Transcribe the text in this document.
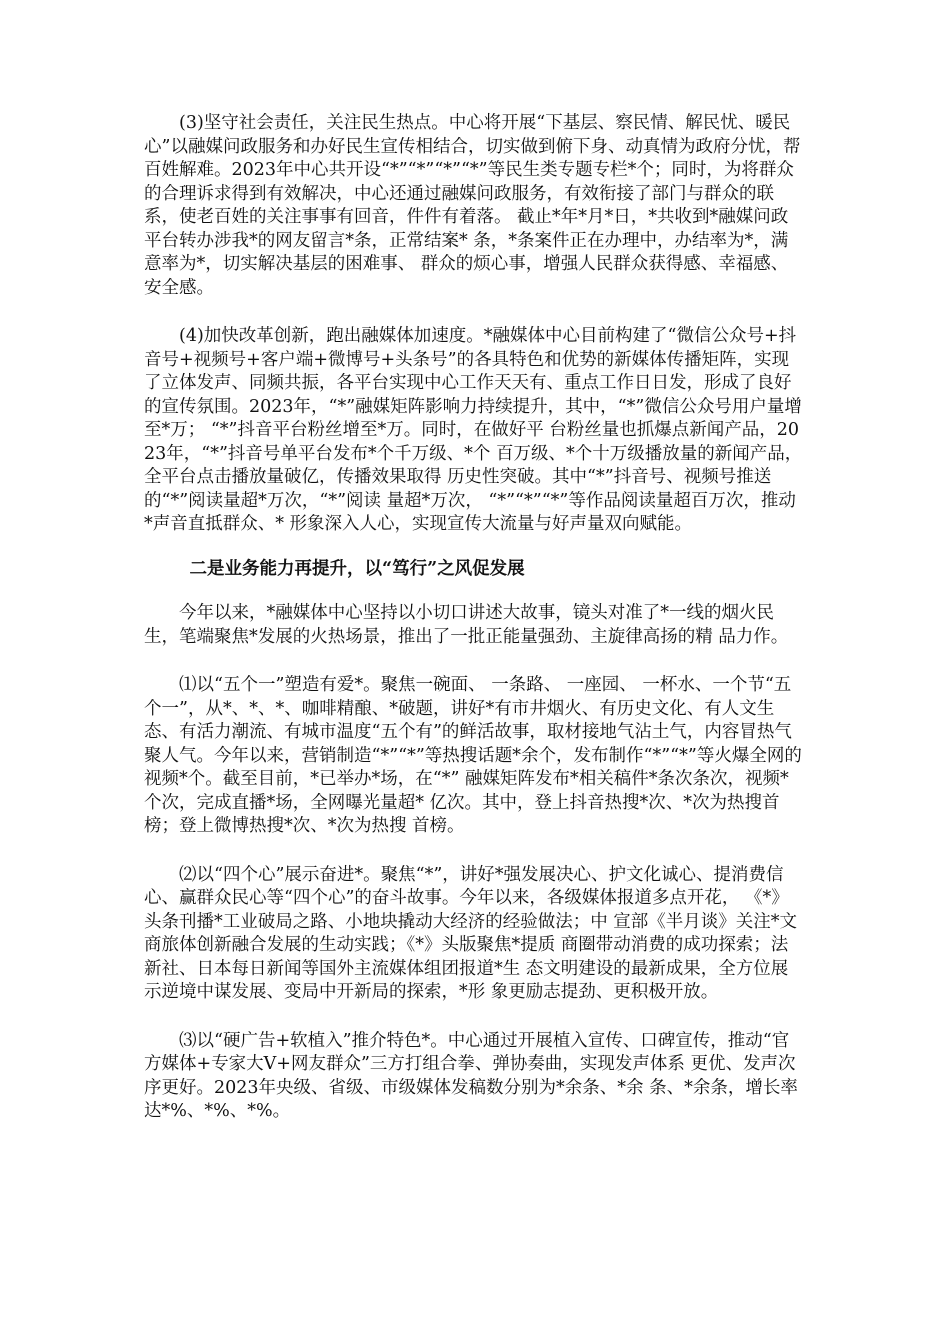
(3)坚守社会责任，关注民生热点。中心将开展“下基层、察民情、解民忧、暖民心”以融媒问政服务和办好民生宣传相结合，切实做到俯下身、动真情为政府分忧，帮百姓解难。2023年中心共开设“*”“*”“*”“*”等民生类专题专栏*个；同时，为将群众的合理诉求得到有效解决，中心还通过融媒问政服务，有效衔接了部门与群众的联系，使老百姓的关注事事有回音，件件有着落。 截止*年*月*日，*共收到*融媒问政平台转办涉我*的网友留言*条，正常结案* 条，*条案件正在办理中，办结率为*，满意率为*，切实解决基层的困难事、 群众的烦心事，增强人民群众获得感、幸福感、安全感。

(4)加快改革创新，跑出融媒体加速度。*融媒体中心目前构建了“微信公众号+抖音号+视频号+客户端+微博号+头条号”的各具特色和优势的新媒体传播矩阵，实现了立体发声、同频共振，各平台实现中心工作天天有、重点工作日日发，形成了良好的宣传氛围。2023年，“*”融媒矩阵影响力持续提升，其中，“*”微信公众号用户量增至*万； “*”抖音平台粉丝增至*万。同时，在做好平 台粉丝量也抓爆点新闻产品，2023年，“*”抖音号单平台发布*个千万级、*个 百万级、*个十万级播放量的新闻产品，全平台点击播放量破亿，传播效果取得 历史性突破。其中“*”抖音号、视频号推送的“*”阅读量超*万次，“*”阅读 量超*万次， “*”“*”“*”等作品阅读量超百万次，推动*声音直抵群众、* 形象深入人心，实现宣传大流量与好声量双向赋能。

二是业务能力再提升，以“笃行”之风促发展

今年以来，*融媒体中心坚持以小切口讲述大故事，镜头对准了*一线的烟火民生，笔端聚焦*发展的火热场景，推出了一批正能量强劲、主旋律高扬的精 品力作。

⑴以“五个一”塑造有爱*。聚焦一碗面、 一条路、 一座园、 一杯水、一个节“五个一”，从*、*、*、咖啡精酿、*破题，讲好*有市井烟火、有历史文化、有人文生态、有活力潮流、有城市温度“五个有”的鲜活故事，取材接地气沾土气，内容冒热气聚人气。今年以来，营销制造“*”“*”等热搜话题*余个，发布制作“*”“*”等火爆全网的视频*个。截至目前，*已举办*场，在“*” 融媒矩阵发布*相关稿件*条次条次，视频*个次，完成直播*场，全网曝光量超* 亿次。其中，登上抖音热搜*次、*次为热搜首榜；登上微博热搜*次、*次为热搜 首榜。

⑵以“四个心”展示奋进*。聚焦“*”，讲好*强发展决心、护文化诚心、提消费信心、赢群众民心等“四个心”的奋斗故事。今年以来，各级媒体报道多点开花， 《*》头条刊播*工业破局之路、小地块撬动大经济的经验做法；中 宣部《半月谈》关注*文商旅体创新融合发展的生动实践；《*》头版聚焦*提质 商圈带动消费的成功探索；法新社、日本每日新闻等国外主流媒体组团报道*生 态文明建设的最新成果，全方位展示逆境中谋发展、变局中开新局的探索，*形 象更励志提劲、更积极开放。

⑶以“硬广告+软植入”推介特色*。中心通过开展植入宣传、口碑宣传，推动“官方媒体+专家大V+网友群众”三方打组合拳、弹协奏曲，实现发声体系 更优、发声次序更好。2023年央级、省级、市级媒体发稿数分别为*余条、*余 条、*余条，增长率达*%、*%、*%。
